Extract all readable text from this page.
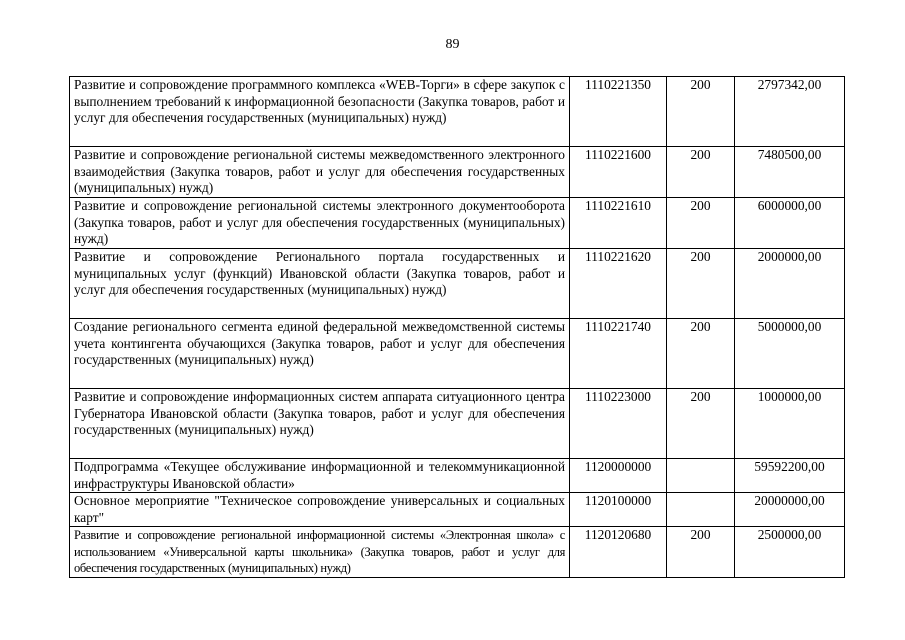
89
Развитие и сопровождение программного комплекса «WEB-Торги» в сфере закупок с выполнением требований к информационной безопасности (Закупка товаров, работ и услуг для обеспечения государственных (муниципальных) нужд)	1110221350	200	2797342,00
Развитие и сопровождение региональной системы межведомственного электронного взаимодействия (Закупка товаров, работ и услуг для обеспечения государственных (муниципальных) нужд)	1110221600	200	7480500,00
Развитие и сопровождение региональной системы электронного документооборота (Закупка товаров, работ и услуг для обеспечения государственных (муниципальных) нужд)	1110221610	200	6000000,00
Развитие и сопровождение Регионального портала государственных и муниципальных услуг (функций) Ивановской области (Закупка товаров, работ и услуг для обеспечения государственных (муниципальных) нужд)	1110221620	200	2000000,00
Создание регионального сегмента единой федеральной межведомственной системы учета контингента обучающихся (Закупка товаров, работ и услуг для обеспечения государственных (муниципальных) нужд)	1110221740	200	5000000,00
Развитие и сопровождение информационных систем аппарата ситуационного центра Губернатора Ивановской области (Закупка товаров, работ и услуг для обеспечения государственных (муниципальных) нужд)	1110223000	200	1000000,00
Подпрограмма «Текущее обслуживание информационной и телекоммуникационной инфраструктуры Ивановской области»	1120000000		59592200,00
Основное мероприятие "Техническое сопровождение универсальных и социальных карт"	1120100000		20000000,00
Развитие и сопровождение региональной информационной системы «Электронная школа» с использованием «Универсальной карты школьника» (Закупка товаров, работ и услуг для обеспечения государственных (муниципальных) нужд)	1120120680	200	2500000,00
